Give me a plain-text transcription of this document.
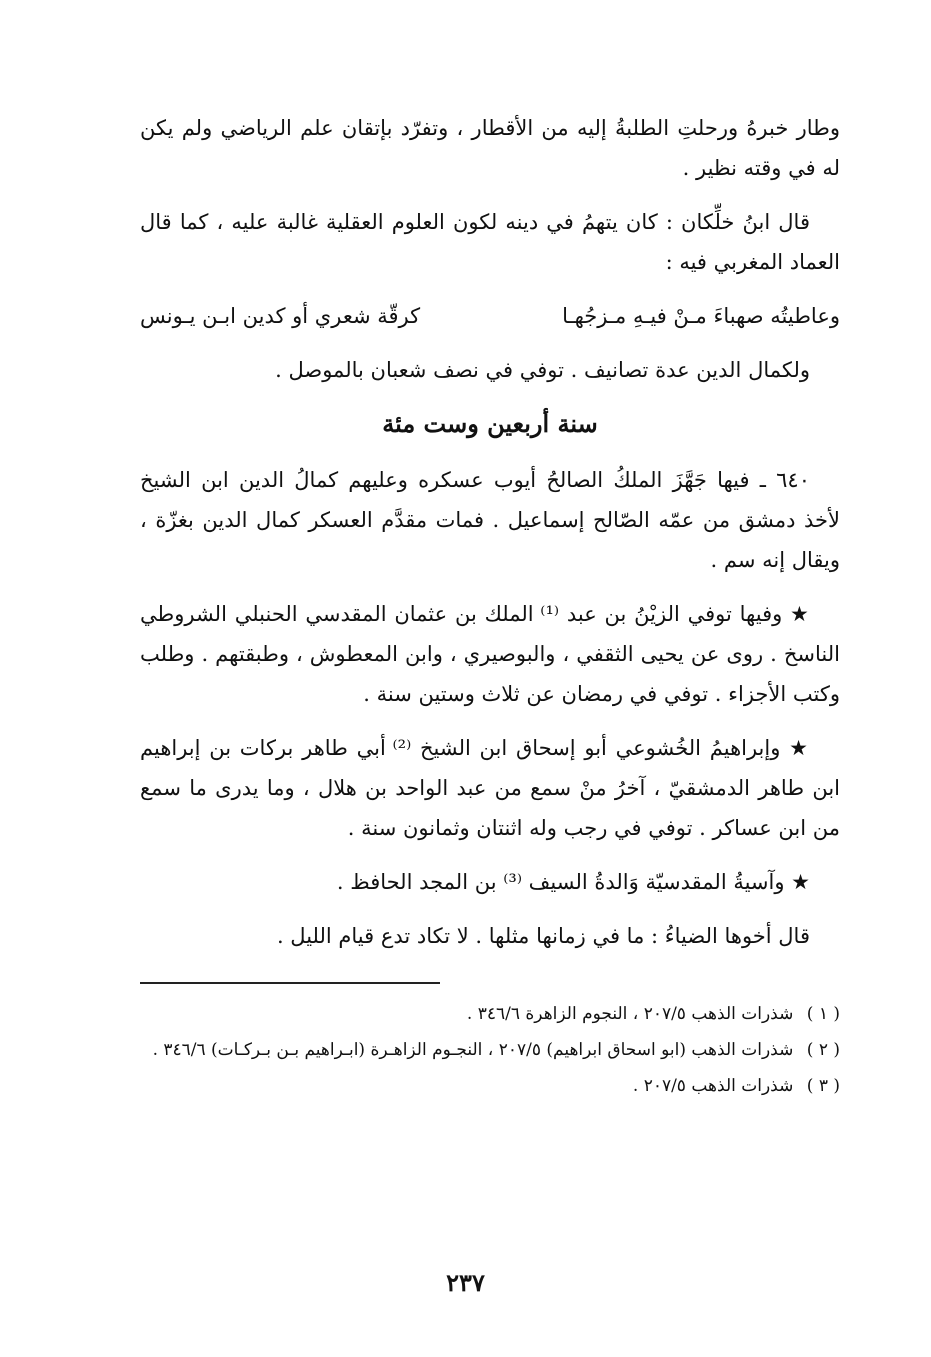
وطار خبرهُ ورحلتِ الطلبةُ إليه من الأقطار ، وتفرّد بإتقان علم الرياضي ولم يكن له في وقته نظير .

قال ابنُ خلِّكان : كان يتهمُ في دينه لكون العلوم العقلية غالبة عليه ، كما قال العماد المغربي فيه :

وعاطيتُه صهباءَ مـنْ فيـهِ مـزجُهـا
كرقّة شعري أو كدين ابـن يـونس

ولكمال الدين عدة تصانيف . توفي في نصف شعبان بالموصل .

سنة أربعين وست مئة

٦٤٠ ـ فيها جَهَّزَ الملكُ الصالحُ أيوب عسكره وعليهم كمالُ الدين ابن الشيخ لأخذ دمشق من عمّه الصّالح إسماعيل . فمات مقدَّم العسكر كمال الدين بغزّة ، ويقال إنه سم .

★ وفيها توفي الزيْنُ بن عبد ⁽¹⁾ الملك بن عثمان المقدسي الحنبلي الشروطي الناسخ . روى عن يحيى الثقفي ، والبوصيري ، وابن المعطوش ، وطبقتهم . وطلب وكتب الأجزاء . توفي في رمضان عن ثلاث وستين سنة .

★ وإبراهيمُ الخُشوعي أبو إسحاق ابن الشيخ ⁽²⁾ أبي طاهر بركات بن إبراهيم ابن طاهر الدمشقيّ ، آخرُ منْ سمع من عبد الواحد بن هلال ، وما يدرى ما سمع من ابن عساكر . توفي في رجب وله اثنتان وثمانون سنة .

★ وآسيةُ المقدسيّة وَالدةُ السيف ⁽³⁾ بن المجد الحافظ .

قال أخوها الضياءُ : ما في زمانها مثلها . لا تكاد تدع قيام الليل .

( ١ ) شذرات الذهب ٢٠٧/٥ ، النجوم الزاهرة ٣٤٦/٦ .
( ٢ ) شذرات الذهب (ابو اسحاق ابراهيم) ٢٠٧/٥ ، النجـوم الزاهـرة (ابـراهيم بـن بـركـات) ٣٤٦/٦ .
( ٣ ) شذرات الذهب ٢٠٧/٥ .
٢٣٧
